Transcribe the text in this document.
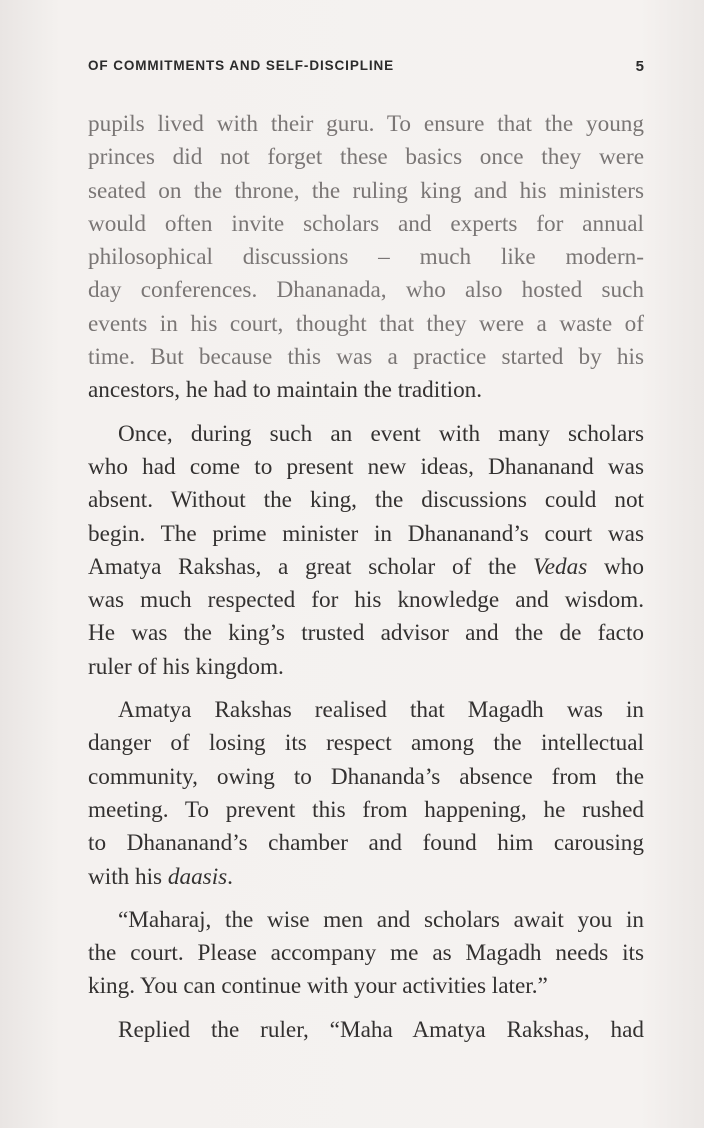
OF COMMITMENTS AND SELF-DISCIPLINE	5
pupils lived with their guru. To ensure that the young
princes did not forget these basics once they were
seated on the throne, the ruling king and his ministers
would often invite scholars and experts for annual
philosophical discussions – much like modern-
day conferences. Dhananada, who also hosted such
events in his court, thought that they were a waste of
time. But because this was a practice started by his
ancestors, he had to maintain the tradition.
Once, during such an event with many scholars
who had come to present new ideas, Dhananand was
absent. Without the king, the discussions could not
begin. The prime minister in Dhananand’s court was
Amatya Rakshas, a great scholar of the Vedas who
was much respected for his knowledge and wisdom.
He was the king’s trusted advisor and the de facto
ruler of his kingdom.
Amatya Rakshas realised that Magadh was in
danger of losing its respect among the intellectual
community, owing to Dhananda’s absence from the
meeting. To prevent this from happening, he rushed
to Dhananand’s chamber and found him carousing
with his daasis.
“Maharaj, the wise men and scholars await you in
the court. Please accompany me as Magadh needs its
king. You can continue with your activities later.”
Replied the ruler, “Maha Amatya Rakshas, had
